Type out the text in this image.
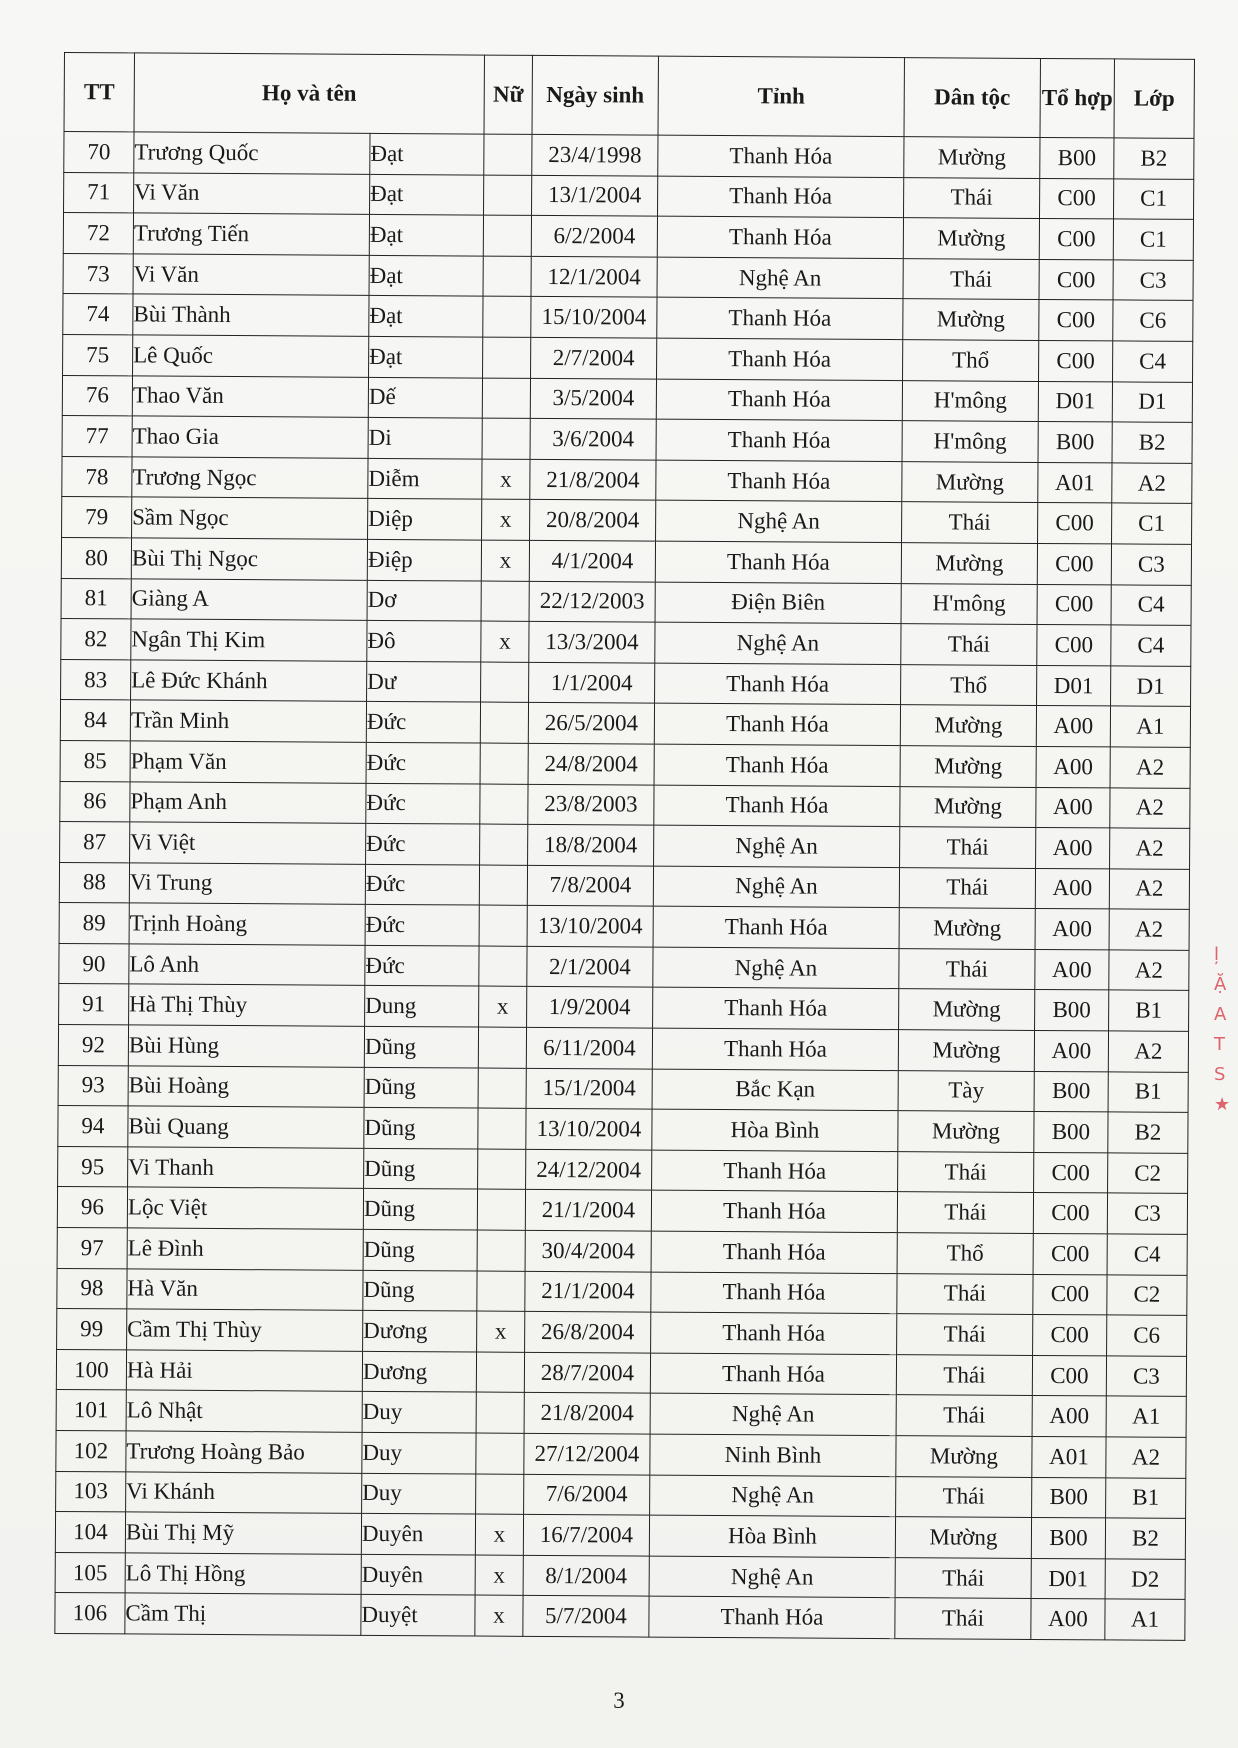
TT	Họ và tên		Nữ	Ngày sinh	Tỉnh	Dân tộc	Tổ hợp	Lớp
70	Trương Quốc	Đạt		23/4/1998	Thanh Hóa	Mường	B00	B2
71	Vi Văn	Đạt		13/1/2004	Thanh Hóa	Thái	C00	C1
72	Trương Tiến	Đạt		6/2/2004	Thanh Hóa	Mường	C00	C1
73	Vi Văn	Đạt		12/1/2004	Nghệ An	Thái	C00	C3
74	Bùi Thành	Đạt		15/10/2004	Thanh Hóa	Mường	C00	C6
75	Lê Quốc	Đạt		2/7/2004	Thanh Hóa	Thổ	C00	C4
76	Thao Văn	Dế		3/5/2004	Thanh Hóa	H'mông	D01	D1
77	Thao Gia	Di		3/6/2004	Thanh Hóa	H'mông	B00	B2
78	Trương Ngọc	Diễm	x	21/8/2004	Thanh Hóa	Mường	A01	A2
79	Sầm Ngọc	Diệp	x	20/8/2004	Nghệ An	Thái	C00	C1
80	Bùi Thị Ngọc	Điệp	x	4/1/2004	Thanh Hóa	Mường	C00	C3
81	Giàng A	Dơ		22/12/2003	Điện Biên	H'mông	C00	C4
82	Ngân Thị Kim	Đô	x	13/3/2004	Nghệ An	Thái	C00	C4
83	Lê Đức Khánh	Dư		1/1/2004	Thanh Hóa	Thổ	D01	D1
84	Trần Minh	Đức		26/5/2004	Thanh Hóa	Mường	A00	A1
85	Phạm Văn	Đức		24/8/2004	Thanh Hóa	Mường	A00	A2
86	Phạm Anh	Đức		23/8/2003	Thanh Hóa	Mường	A00	A2
87	Vi Việt	Đức		18/8/2004	Nghệ An	Thái	A00	A2
88	Vi Trung	Đức		7/8/2004	Nghệ An	Thái	A00	A2
89	Trịnh Hoàng	Đức		13/10/2004	Thanh Hóa	Mường	A00	A2
90	Lô Anh	Đức		2/1/2004	Nghệ An	Thái	A00	A2
91	Hà Thị Thùy	Dung	x	1/9/2004	Thanh Hóa	Mường	B00	B1
92	Bùi Hùng	Dũng		6/11/2004	Thanh Hóa	Mường	A00	A2
93	Bùi Hoàng	Dũng		15/1/2004	Bắc Kạn	Tày	B00	B1
94	Bùi Quang	Dũng		13/10/2004	Hòa Bình	Mường	B00	B2
95	Vi Thanh	Dũng		24/12/2004	Thanh Hóa	Thái	C00	C2
96	Lộc Việt	Dũng		21/1/2004	Thanh Hóa	Thái	C00	C3
97	Lê Đình	Dũng		30/4/2004	Thanh Hóa	Thổ	C00	C4
98	Hà Văn	Dũng		21/1/2004	Thanh Hóa	Thái	C00	C2
99	Cầm Thị Thùy	Dương	x	26/8/2004	Thanh Hóa	Thái	C00	C6
100	Hà Hải	Dương		28/7/2004	Thanh Hóa	Thái	C00	C3
101	Lô Nhật	Duy		21/8/2004	Nghệ An	Thái	A00	A1
102	Trương Hoàng Bảo	Duy		27/12/2004	Ninh Bình	Mường	A01	A2
103	Vi Khánh	Duy		7/6/2004	Nghệ An	Thái	B00	B1
104	Bùi Thị Mỹ	Duyên	x	16/7/2004	Hòa Bình	Mường	B00	B2
105	Lô Thị Hồng	Duyên	x	8/1/2004	Nghệ An	Thái	D01	D2
106	Cầm Thị	Duyệt	x	5/7/2004	Thanh Hóa	Thái	A00	A1
3
ļ
Ặ
A
T
S
★
